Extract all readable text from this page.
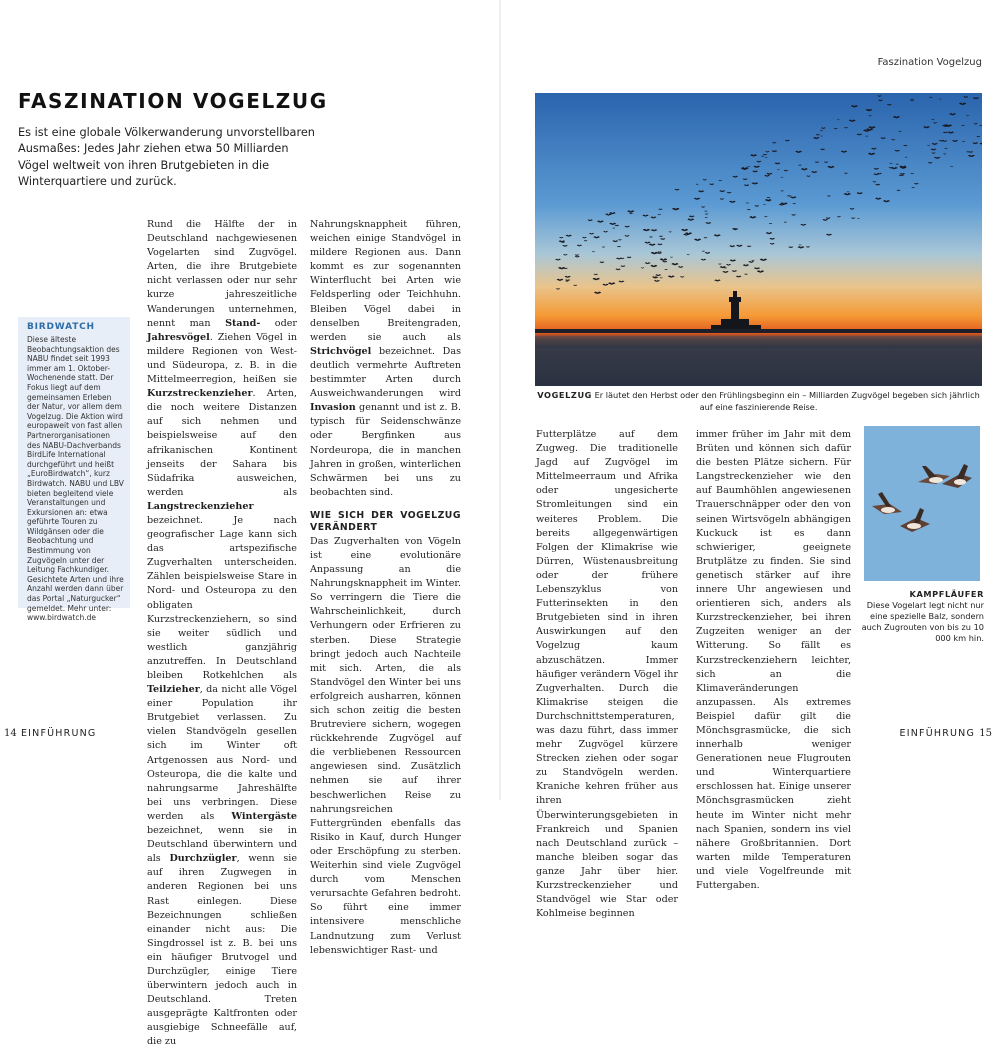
Faszination Vogelzug
FASZINATION VOGELZUG
Es ist eine globale Völkerwanderung unvorstellbaren Ausmaßes: Jedes Jahr ziehen etwa 50 Milliarden Vögel weltweit von ihren Brutgebieten in die Winterquartiere und zurück.
BIRDWATCH
Diese älteste Beobachtungsaktion des NABU findet seit 1993 immer am 1. Oktober-Wochenende statt. Der Fokus liegt auf dem gemeinsamen Erleben der Natur, vor allem dem Vogelzug. Die Aktion wird europaweit von fast allen Partnerorganisationen des NABU-Dachverbands BirdLife International durchgeführt und heißt „EuroBirdwatch“, kurz Birdwatch. NABU und LBV bieten begleitend viele Veranstaltungen und Exkursionen an: etwa geführte Touren zu Wildgänsen oder die Beobachtung und Bestimmung von Zugvögeln unter der Leitung Fachkundiger. Gesichtete Arten und ihre Anzahl werden dann über das Portal „Naturgucker“ gemeldet. Mehr unter: www.birdwatch.de
Rund die Hälfte der in Deutschland nachgewiesenen Vogelarten sind Zugvögel. Arten, die ihre Brutgebiete nicht verlassen oder nur sehr kurze jahreszeitliche Wanderungen unternehmen, nennt man Stand- oder Jahresvögel. Ziehen Vögel in mildere Regionen von West- und Südeuropa, z. B. in die Mittelmeerregion, heißen sie Kurzstreckenzieher. Arten, die noch weitere Distanzen auf sich nehmen und beispielsweise auf den afrikanischen Kontinent jenseits der Sahara bis Südafrika ausweichen, werden als Langstreckenzieher bezeichnet. Je nach geografischer Lage kann sich das artspezifische Zugverhalten unterscheiden. Zählen beispielsweise Stare in Nord- und Osteuropa zu den obligaten Kurzstreckenziehern, so sind sie weiter südlich und westlich ganzjährig anzutreffen. In Deutschland bleiben Rotkehlchen als Teilzieher, da nicht alle Vögel einer Population ihr Brutgebiet verlassen. Zu vielen Standvögeln gesellen sich im Winter oft Artgenossen aus Nord- und Osteuropa, die die kalte und nahrungsarme Jahreshälfte bei uns verbringen. Diese werden als Wintergäste bezeichnet, wenn sie in Deutschland überwintern und als Durchzügler, wenn sie auf ihren Zugwegen in anderen Regionen bei uns Rast einlegen. Diese Bezeichnungen schließen einander nicht aus: Die Singdrossel ist z. B. bei uns ein häufiger Brutvogel und Durchzügler, einige Tiere überwintern jedoch auch in Deutschland. Treten ausgeprägte Kaltfronten oder ausgiebige Schneefälle auf, die zu
Nahrungsknappheit führen, weichen einige Standvögel in mildere Regionen aus. Dann kommt es zur sogenannten Winterflucht bei Arten wie Feldsperling oder Teichhuhn. Bleiben Vögel dabei in denselben Breitengraden, werden sie auch als Strichvögel bezeichnet. Das deutlich vermehrte Auftreten bestimmter Arten durch Ausweichwanderungen wird Invasion genannt und ist z. B. typisch für Seidenschwänze oder Bergfinken aus Nordeuropa, die in manchen Jahren in großen, winterlichen Schwärmen bei uns zu beobachten sind.
WIE SICH DER VOGELZUG VERÄNDERT
Das Zugverhalten von Vögeln ist eine evolutionäre Anpassung an die Nahrungsknappheit im Winter. So verringern die Tiere die Wahrscheinlichkeit, durch Verhungern oder Erfrieren zu sterben. Diese Strategie bringt jedoch auch Nachteile mit sich. Arten, die als Standvögel den Winter bei uns erfolgreich ausharren, können sich schon zeitig die besten Brutreviere sichern, wogegen rückkehrende Zugvögel auf die verbliebenen Ressourcen angewiesen sind. Zusätzlich nehmen sie auf ihrer beschwerlichen Reise zu nahrungsreichen Futtergründen ebenfalls das Risiko in Kauf, durch Hunger oder Erschöpfung zu sterben. Weiterhin sind viele Zugvögel durch vom Menschen verursachte Gefahren bedroht. So führt eine immer intensivere menschliche Landnutzung zum Verlust lebenswichtiger Rast- und
VOGELZUG Er läutet den Herbst oder den Frühlingsbeginn ein – Milliarden Zugvögel begeben sich jährlich auf eine faszinierende Reise.
Futterplätze auf dem Zugweg. Die traditionelle Jagd auf Zugvögel im Mittelmeerraum und Afrika oder ungesicherte Stromleitungen sind ein weiteres Problem. Die bereits allgegenwärtigen Folgen der Klimakrise wie Dürren, Wüstenausbreitung oder der frühere Lebenszyklus von Futterinsekten in den Brutgebieten sind in ihren Auswirkungen auf den Vogelzug kaum abzuschätzen. Immer häufiger verändern Vögel ihr Zugverhalten. Durch die Klimakrise steigen die Durchschnittstemperaturen, was dazu führt, dass immer mehr Zugvögel kürzere Strecken ziehen oder sogar zu Standvögeln werden. Kraniche kehren früher aus ihren Überwinterungsgebieten in Frankreich und Spanien nach Deutschland zurück – manche bleiben sogar das ganze Jahr über hier. Kurzstreckenzieher und Standvögel wie Star oder Kohlmeise beginnen
immer früher im Jahr mit dem Brüten und können sich dafür die besten Plätze sichern. Für Langstreckenzieher wie den auf Baumhöhlen angewiesenen Trauerschnäpper oder den von seinen Wirtsvögeln abhängigen Kuckuck ist es dann schwieriger, geeignete Brutplätze zu finden. Sie sind genetisch stärker auf ihre innere Uhr angewiesen und orientieren sich, anders als Kurzstreckenzieher, bei ihren Zugzeiten weniger an der Witterung. So fällt es Kurzstreckenziehern leichter, sich an die Klimaveränderungen anzupassen. Als extremes Beispiel dafür gilt die Mönchsgrasmücke, die sich innerhalb weniger Generationen neue Flugrouten und Winterquartiere erschlossen hat. Einige unserer Mönchsgrasmücken zieht heute im Winter nicht mehr nach Spanien, sondern ins viel nähere Großbritannien. Dort warten milde Temperaturen und viele Vogelfreunde mit Futtergaben.
KAMPFLÄUFER
Diese Vogelart legt nicht nur eine spezielle Balz, sondern auch Zugrouten von bis zu 10 000 km hin.
14 EINFÜHRUNG	EINFÜHRUNG 15
